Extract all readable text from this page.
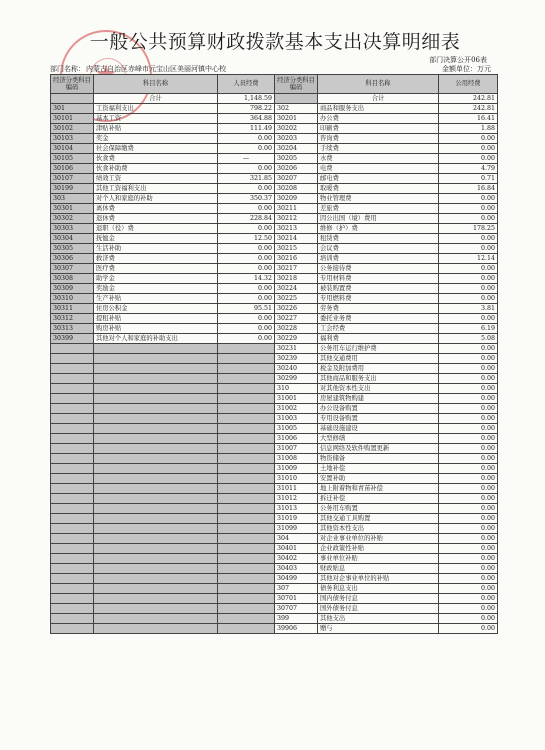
一般公共预算财政拨款基本支出决算明细表
部门决算公开06表
金额单位：万元
部门名称： 内蒙古自治区赤峰市元宝山区美丽河镇中心校
经济分类科目编码	科目名称	人员经费	经济分类科目编码	科目名称	公用经费
	合计	1,148.59		合计	242.81
301	工资福利支出	798.22	302	商品和服务支出	242.81
30101	基本工资	364.88	30201	办公费	16.41
30102	津贴补贴	111.49	30202	印刷费	1.88
30103	奖金	0.00	30203	咨询费	0.00
30104	社会保障缴费	0.00	30204	手续费	0.00
30105	伙食费	—	30205	水费	0.00
30106	伙食补助费	0.00	30206	电费	4.79
30107	绩效工资	321.85	30207	邮电费	0.71
30199	其他工资福利支出	0.00	30208	取暖费	16.84
303	对个人和家庭的补助	350.37	30209	物业管理费	0.00
30301	离休费	0.00	30211	差旅费	0.00
30302	退休费	228.84	30212	因公出国（境）费用	0.00
30303	退职（役）费	0.00	30213	维修（护）费	178.25
30304	抚恤金	12.50	30214	租赁费	0.00
30305	生活补助	0.00	30215	会议费	0.00
30306	救济费	0.00	30216	培训费	12.14
30307	医疗费	0.00	30217	公务接待费	0.00
30308	助学金	14.32	30218	专用材料费	0.00
30309	奖励金	0.00	30224	被装购置费	0.00
30310	生产补贴	0.00	30225	专用燃料费	0.00
30311	住房公积金	95.51	30226	劳务费	3.81
30312	提租补贴	0.00	30227	委托业务费	0.00
30313	购房补贴	0.00	30228	工会经费	6.19
30399	其他对个人和家庭的补助支出	0.00	30229	福利费	5.08
			30231	公务用车运行维护费	0.00
			30239	其他交通费用	0.00
			30240	税金及附加费用	0.00
			30299	其他商品和服务支出	0.00
			310	对其他资本性支出	0.00
			31001	房屋建筑物购建	0.00
			31002	办公设备购置	0.00
			31003	专用设备购置	0.00
			31005	基础设施建设	0.00
			31006	大型修缮	0.00
			31007	信息网络及软件购置更新	0.00
			31008	物资储备	0.00
			31009	土地补偿	0.00
			31010	安置补助	0.00
			31011	地上附着物和青苗补偿	0.00
			31012	拆迁补偿	0.00
			31013	公务用车购置	0.00
			31019	其他交通工具购置	0.00
			31099	其他资本性支出	0.00
			304	对企业事业单位的补贴	0.00
			30401	企业政策性补贴	0.00
			30402	事业单位补贴	0.00
			30403	财政贴息	0.00
			30499	其他对企事业单位的补贴	0.00
			307	债务利息支出	0.00
			30701	国内债务付息	0.00
			30707	国外债务付息	0.00
			399	其他支出	0.00
			39906	赠与	0.00
